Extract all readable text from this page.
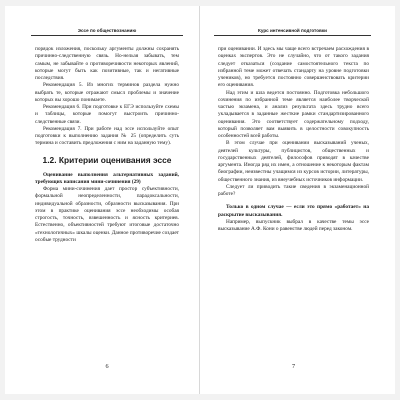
Эссе по обществознанию

порядок изложения, поскольку аргументы должны сохранять причинно-следственную связь. Но-нельзя забывать, тем самым, не забывайте о противоречивости некоторых явлений, которые могут быть как позитивные, так и негативные последствия.

Рекомендация 5. Из многих терминов раздела нужно выбрать те, которые отражают смысл проблемы и значение которых вы хорошо понимаете.

Рекомендация 6. При подготовке к ЕГЭ используйте схемы и таблицы, которые помогут выстроить причинно-следственные связи.

Рекомендация 7. При работе над эссе используйте опыт подготовки к выполнению задания № 25 (определить суть термина и составить предложения с ним на заданную тему).

1.2. Критерии оценивания эссе

Оценивание выполнения альтернативных заданий, требующих написания мини-сочинения (29)

Форма мини-сочинения дает простор субъективности, формальной неопределенности, парадоксальности, индивидуальной образности, образности высказывания. При этом в практике оценивания эссе необходимы особая строгость, точность, взвешенность и ясность критериев. Естественно, объективностей требуют итоговые достаточно «технологичных» шкалы оценки. Данное противоречие создает особые трудности

6
Курс интенсивной подготовки

при оценивании. И здесь мы чаще всего встречаем расхождения в оценках экспертов. Это не случайно, что от такого задания следует отказаться (создание самостоятельного текста по избранной теме может отвечать стандарту на уровне подготовки учеников), но требуется постоянно совершенствовать критерии его оценивания.

Над этим и шла ведется постоянно. Подготовка небольшого сочинения по избранной теме является наиболее творческой частью экзамена, и анализ результата здесь трудно всего укладывается в заданные жесткие рамки стандартизированного оценивания. Это соответствует содержательному подходу, который позволяет вам выявить в целостности совокупность особенностей всей работы.

В этом случае при оценивании высказываний ученых, деятелей культуры, публицистов, общественных и государственных деятелей, философов приводят в качестве аргумента. Иногда ряд их имен, а отношение к некоторым фактам биографии, неизвестны учащимся из курсов истории, литературы, общественного знания, из внеучебных источников информации.

Следует ли приводить такие сведения в экзаменационной работе?

Только в одном случае — если это прямо «работает» на раскрытие высказывания.

Например, выпускник выбрал в качестве темы эссе высказывание А.Ф. Кони о равенстве людей перед законом.

7
